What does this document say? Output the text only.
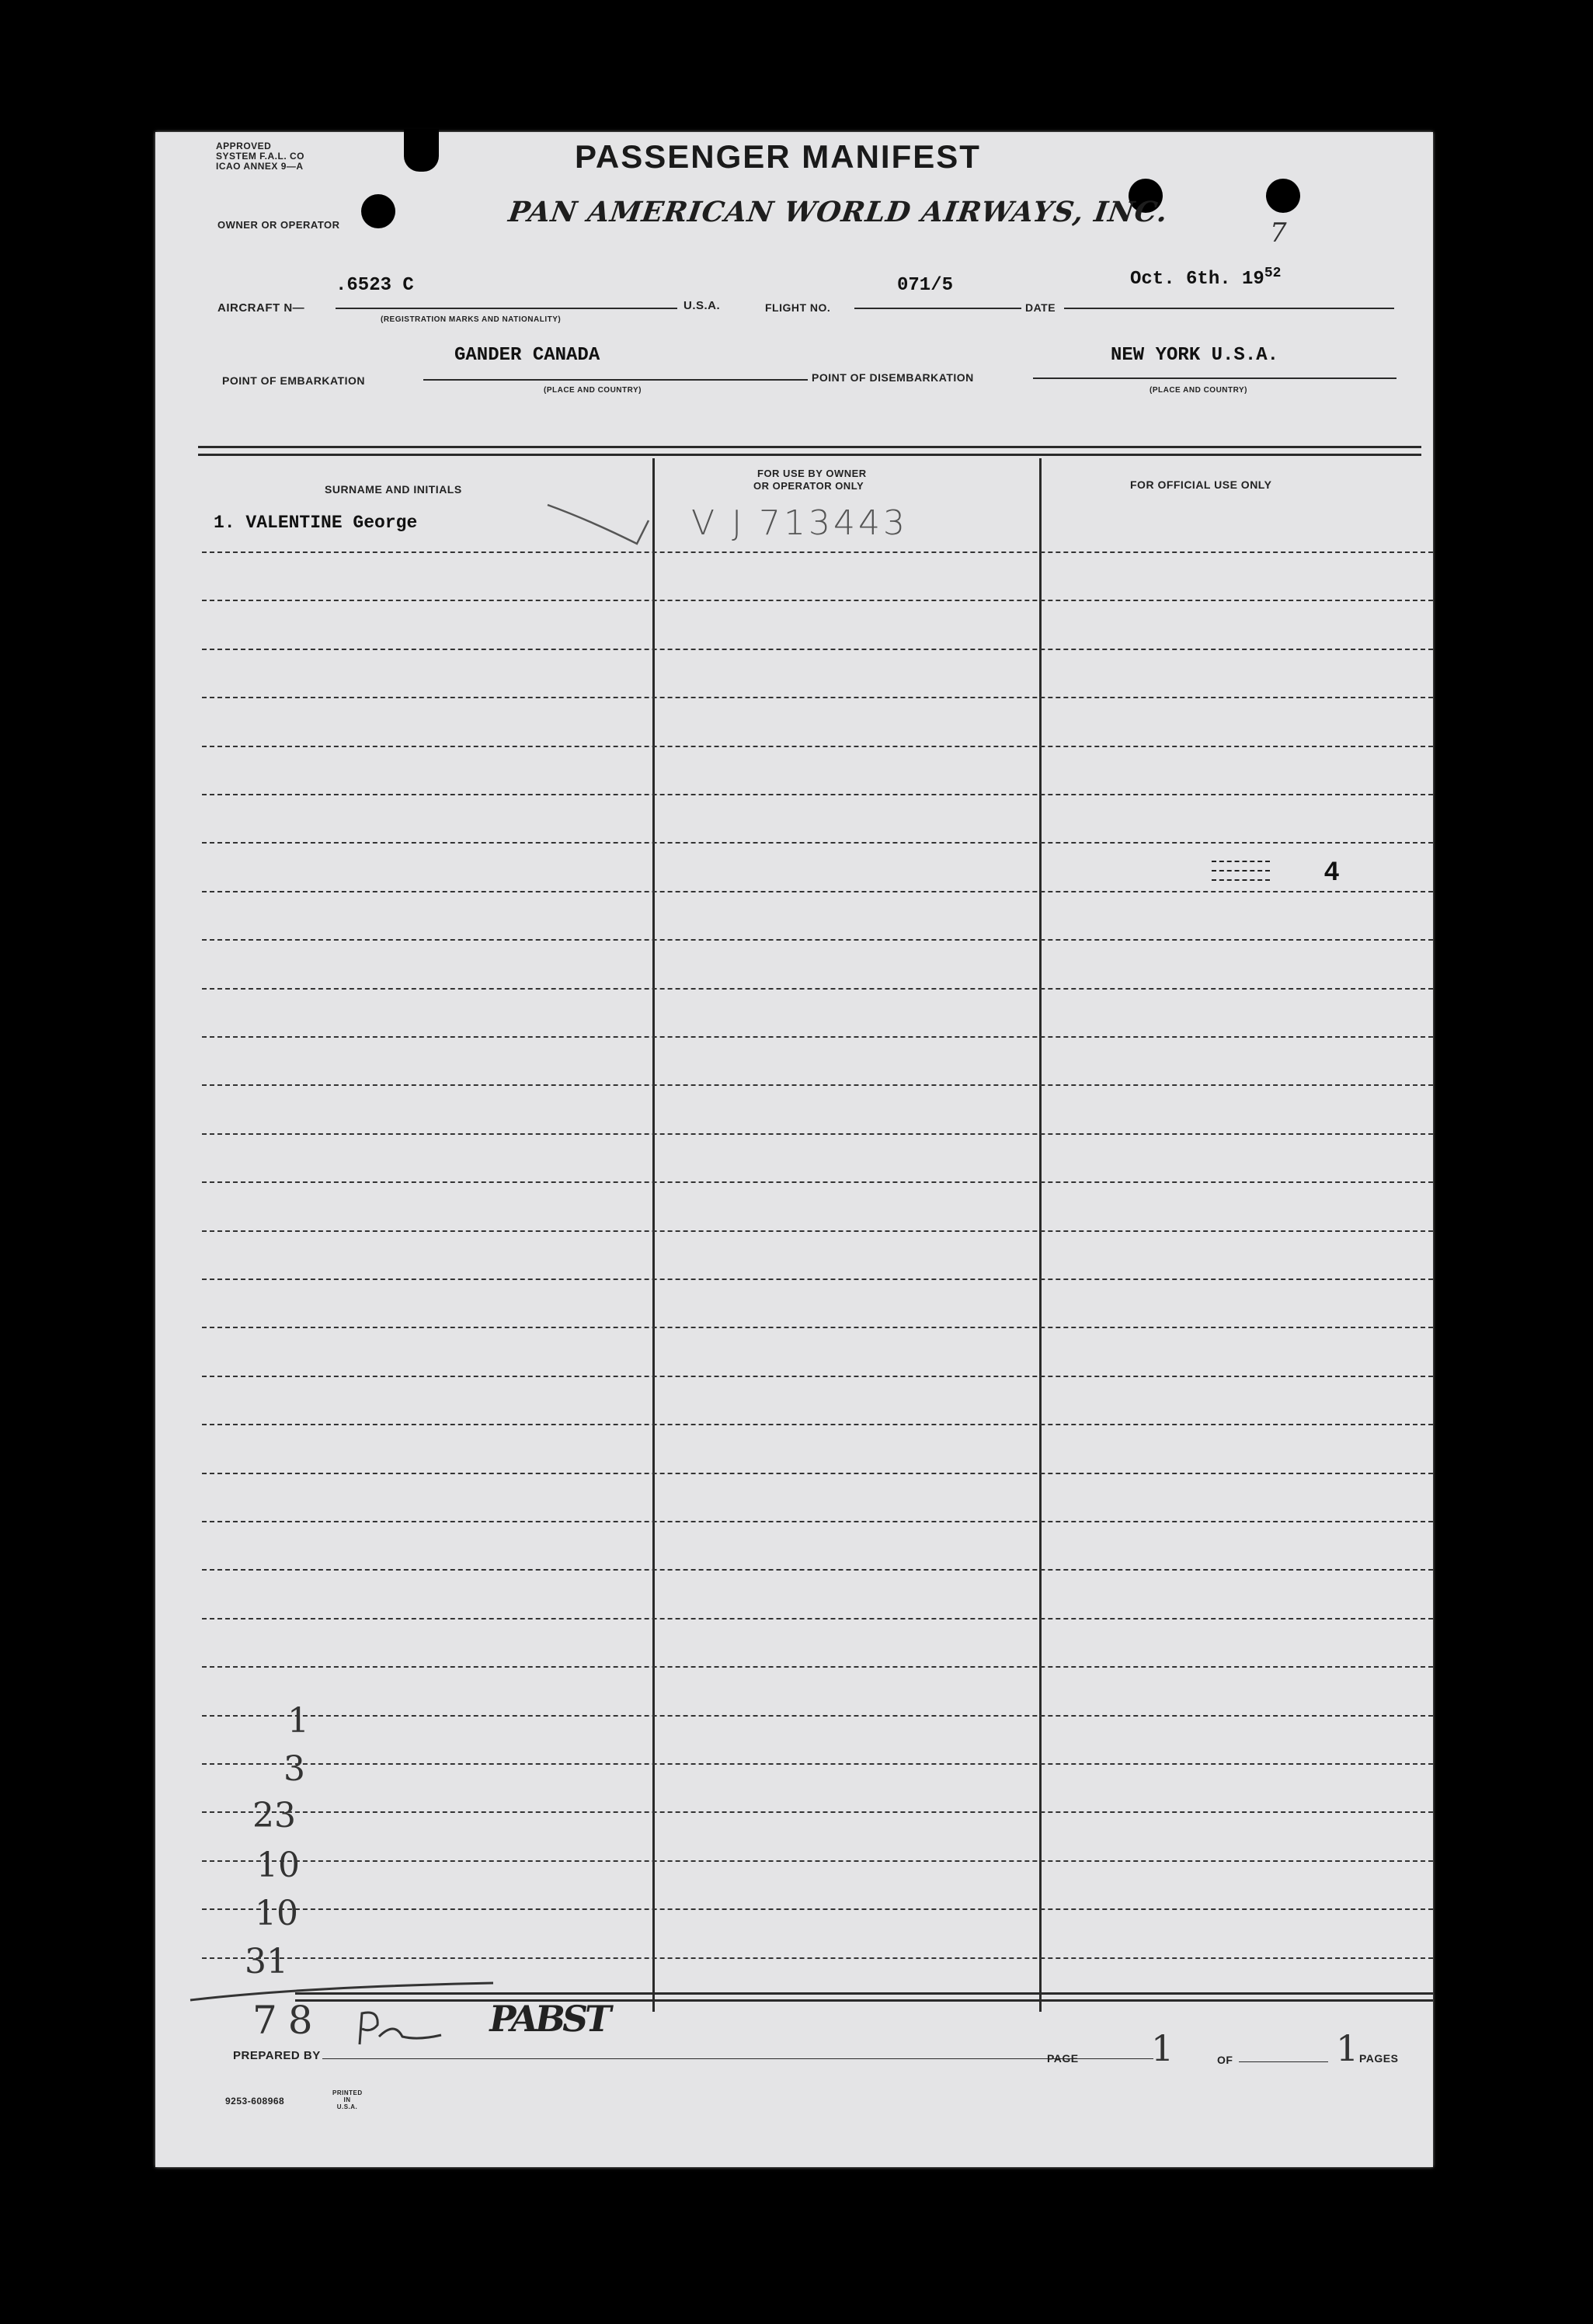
APPROVED
SYSTEM F.A.L. CO
ICAO ANNEX 9—A	PASSENGER MANIFEST
OWNER OR OPERATOR	PAN AMERICAN WORLD AIRWAYS, INC.
7
AIRCRAFT N—
.6523 C
(REGISTRATION MARKS AND NATIONALITY)
U.S.A.	FLIGHT NO.
071/5
DATE
Oct. 6th. $19^{52}$
POINT OF EMBARKATION
GANDER CANADA
(PLACE AND COUNTRY)
POINT OF DISEMBARKATION
NEW YORK U.S.A.
(PLACE AND COUNTRY)
SURNAME AND INITIALS
FOR USE BY OWNER
OR OPERATOR ONLY	FOR OFFICIAL USE ONLY
1. VALENTINE George	V J 713443
4
1
3
23
10
10
31
78	PABST
PREPARED BY	PAGE 1	OF	1 PAGES
9253-608968
PRINTED IN U.S.A.
